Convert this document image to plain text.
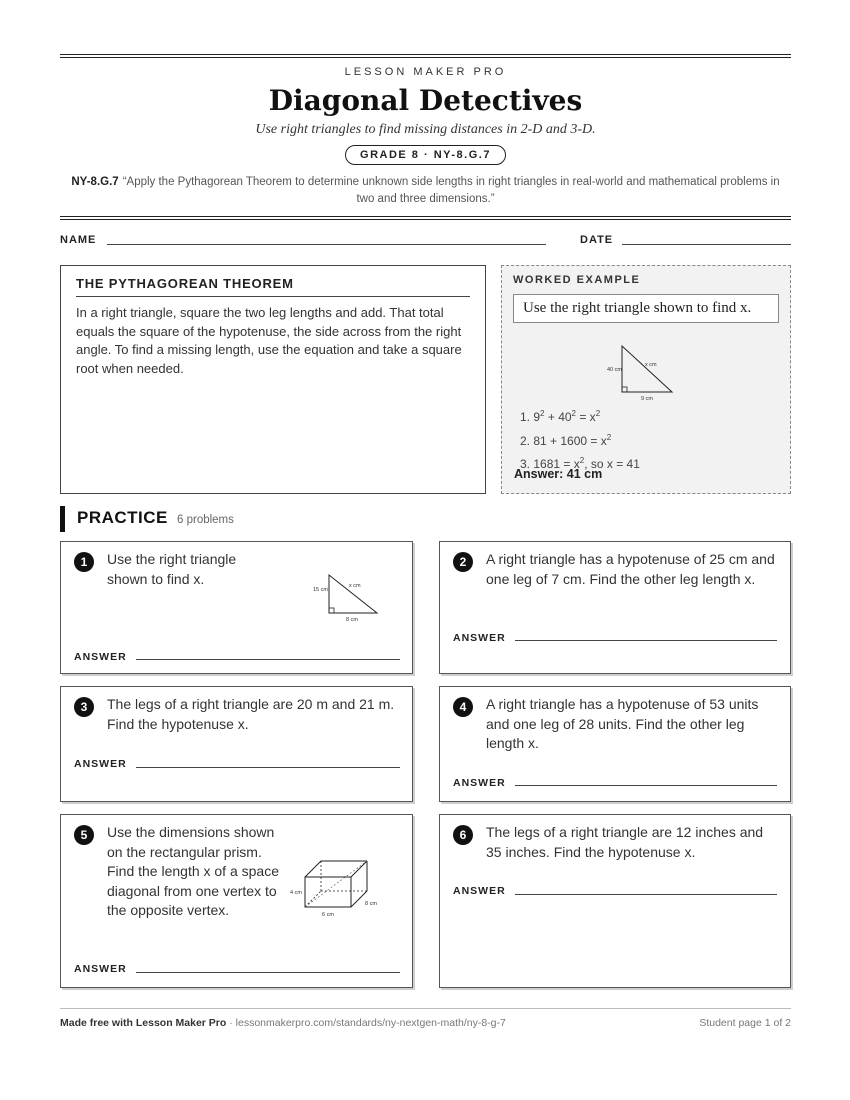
LESSON MAKER PRO
Diagonal Detectives
Use right triangles to find missing distances in 2-D and 3-D.
GRADE 8 · NY-8.G.7
NY-8.G.7 “Apply the Pythagorean Theorem to determine unknown side lengths in right triangles in real-world and mathematical problems in two and three dimensions.”
NAME	DATE
THE PYTHAGOREAN THEOREM
In a right triangle, square the two leg lengths and add. That total equals the square of the hypotenuse, the side across from the right angle. To find a missing length, use the equation and take a square root when needed.
WORKED EXAMPLE
Use the right triangle shown to find x.
40 cm
9 cm
x cm
1. $9^2 + 40^2 = x^2$
2. $81 + 1600 = x^2$
3. $1681 = x^2$, so x = 41
Answer: 41 cm
PRACTICE 6 problems
1	Use the right triangle shown to find x.
15 cm
8 cm
x cm
ANSWER
2	A right triangle has a hypotenuse of 25 cm and one leg of 7 cm. Find the other leg length x.
ANSWER
3	The legs of a right triangle are 20 m and 21 m. Find the hypotenuse x.
ANSWER
4	A right triangle has a hypotenuse of 53 units and one leg of 28 units. Find the other leg length x.
ANSWER
5	Use the dimensions shown on the rectangular prism. Find the length x of a space diagonal from one vertex to the opposite vertex.
4 cm
6 cm
8 cm
ANSWER
6	The legs of a right triangle are 12 inches and 35 inches. Find the hypotenuse x.
ANSWER
Made free with Lesson Maker Pro · lessonmakerpro.com/standards/ny-nextgen-math/ny-8-g-7	Student page 1 of 2
